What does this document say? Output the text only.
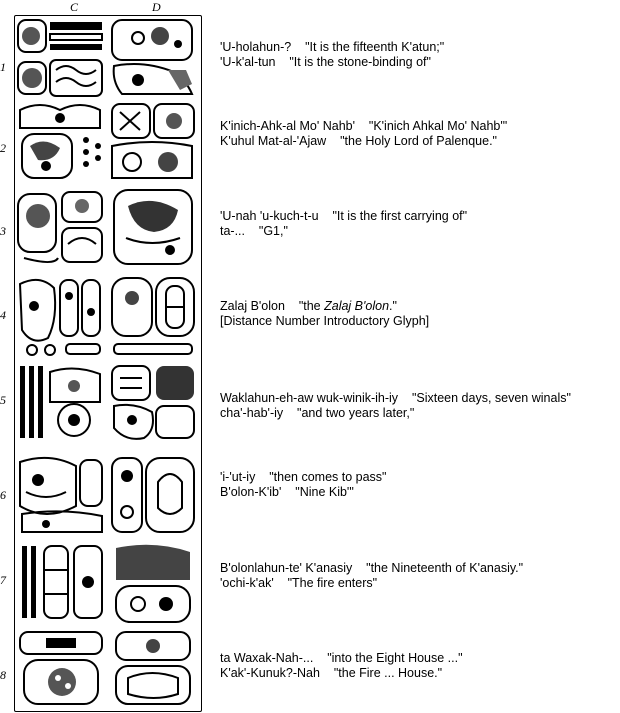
C	D
1
2
3
4
5
6
7
8
'U-holahun-?    "It is the fifteenth K'atun;"
'U-k'al-tun    "It is the stone-binding of"
K'inich-Ahk-al Mo' Nahb'    "K'inich Ahkal Mo' Nahb'"
K'uhul Mat-al-'Ajaw    "the Holy Lord of Palenque."
'U-nah 'u-kuch-t-u    "It is the first carrying of"
ta-...    "G1,"
Zalaj B'olon    "the Zalaj B'olon."
[Distance Number Introductory Glyph]
Waklahun-eh-aw wuk-winik-ih-iy    "Sixteen days, seven winals"
cha'-hab'-iy    "and two years later,"
'i-'ut-iy    "then comes to pass"
B'olon-K'ib'    "Nine Kib'"
B'olonlahun-te' K'anasiy    "the Nineteenth of K'anasiy."
'ochi-k'ak'    "The fire enters"
ta Waxak-Nah-...    "into the Eight House ..."
K'ak'-Kunuk?-Nah    "the Fire ... House."
